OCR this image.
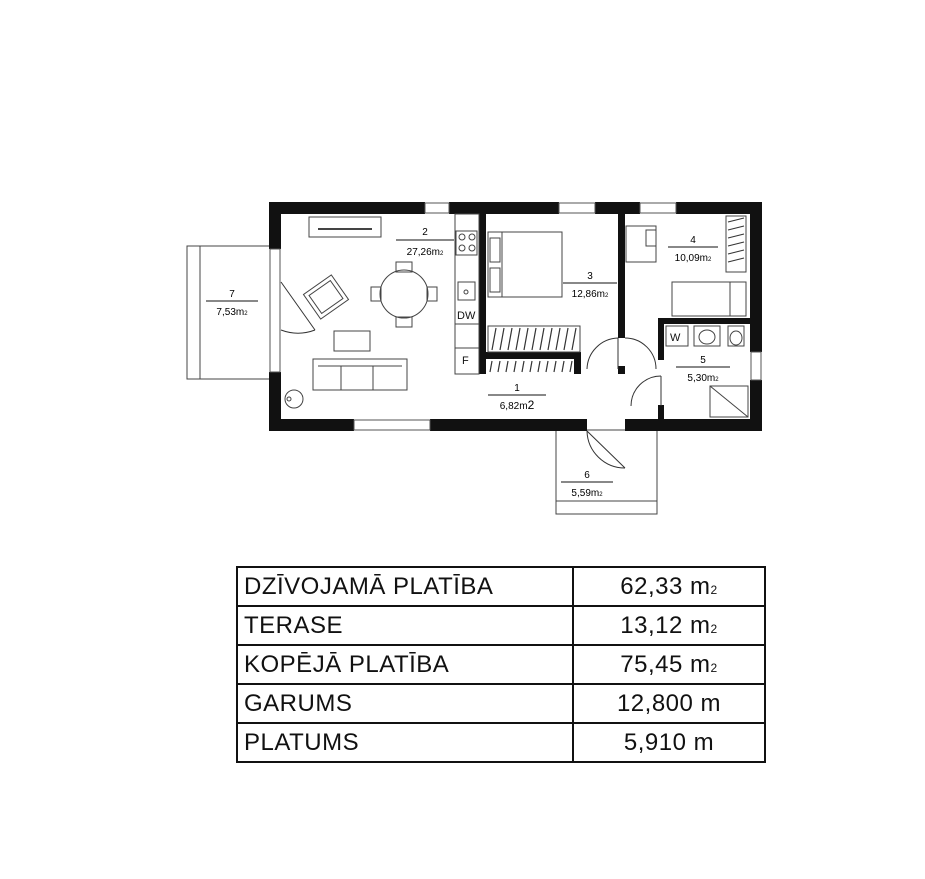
DW
F
W
1
6,82m2
2
27,26m2
3
12,86m2
4
10,09m2
5
5,30m2
6
5,59m2
7
7,53m2
DZĪVOJAMĀ PLATĪBA	62,33 m2
TERASE	13,12 m2
KOPĒJĀ PLATĪBA	75,45 m2
GARUMS	12,800 m
PLATUMS	5,910 m
